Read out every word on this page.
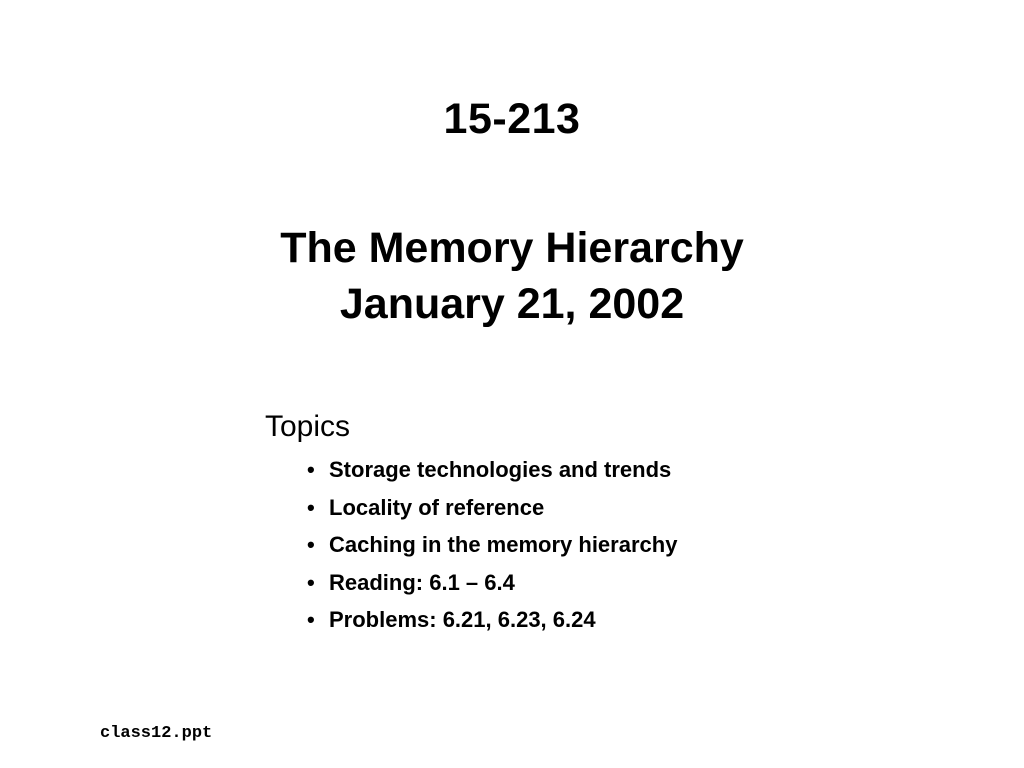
15-213
The Memory Hierarchy
January 21, 2002
Topics
• Storage technologies and trends
• Locality of reference
• Caching in the memory hierarchy
• Reading: 6.1 – 6.4
• Problems: 6.21, 6.23, 6.24
class12.ppt
